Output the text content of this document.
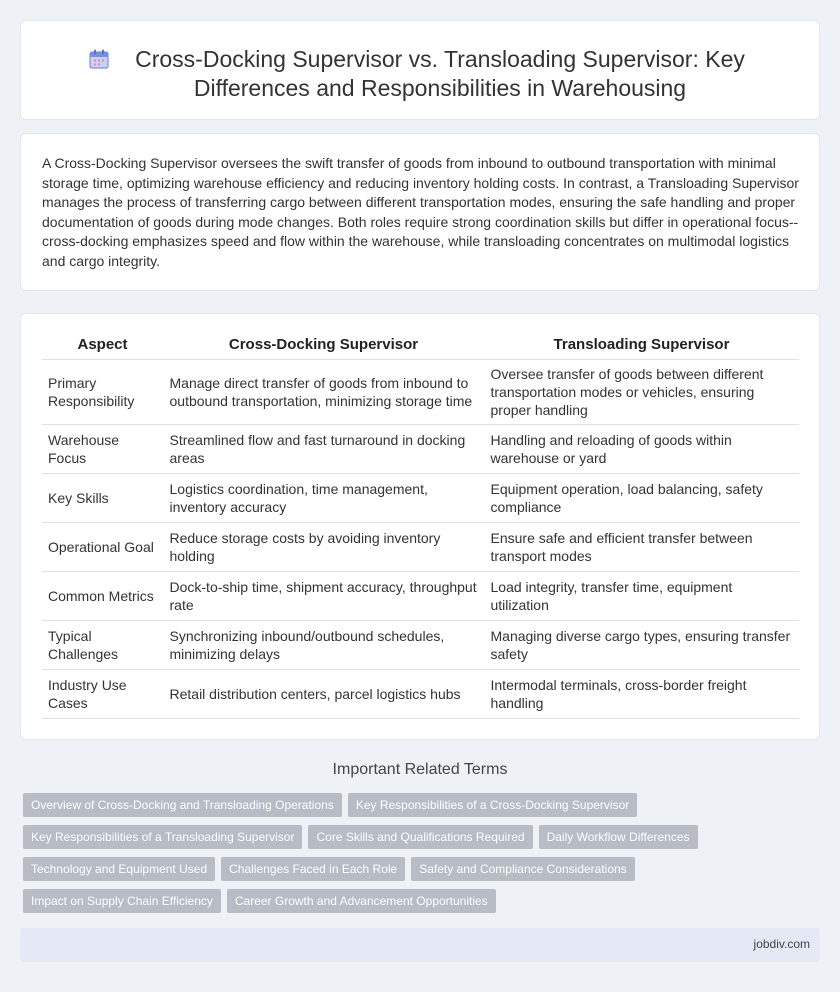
Cross-Docking Supervisor vs. Transloading Supervisor: Key Differences and Responsibilities in Warehousing

A Cross-Docking Supervisor oversees the swift transfer of goods from inbound to outbound transportation with minimal storage time, optimizing warehouse efficiency and reducing inventory holding costs. In contrast, a Transloading Supervisor manages the process of transferring cargo between different transportation modes, ensuring the safe handling and proper documentation of goods during mode changes. Both roles require strong coordination skills but differ in operational focus--cross-docking emphasizes speed and flow within the warehouse, while transloading concentrates on multimodal logistics and cargo integrity.

Aspect	Cross-Docking Supervisor	Transloading Supervisor
Primary Responsibility	Manage direct transfer of goods from inbound to outbound transportation, minimizing storage time	Oversee transfer of goods between different transportation modes or vehicles, ensuring proper handling
Warehouse Focus	Streamlined flow and fast turnaround in docking areas	Handling and reloading of goods within warehouse or yard
Key Skills	Logistics coordination, time management, inventory accuracy	Equipment operation, load balancing, safety compliance
Operational Goal	Reduce storage costs by avoiding inventory holding	Ensure safe and efficient transfer between transport modes
Common Metrics	Dock-to-ship time, shipment accuracy, throughput rate	Load integrity, transfer time, equipment utilization
Typical Challenges	Synchronizing inbound/outbound schedules, minimizing delays	Managing diverse cargo types, ensuring transfer safety
Industry Use Cases	Retail distribution centers, parcel logistics hubs	Intermodal terminals, cross-border freight handling
Important Related Terms
Overview of Cross-Docking and Transloading Operations	Key Responsibilities of a Cross-Docking Supervisor
Key Responsibilities of a Transloading Supervisor	Core Skills and Qualifications Required	Daily Workflow Differences
Technology and Equipment Used	Challenges Faced in Each Role	Safety and Compliance Considerations
Impact on Supply Chain Efficiency	Career Growth and Advancement Opportunities
jobdiv.com
